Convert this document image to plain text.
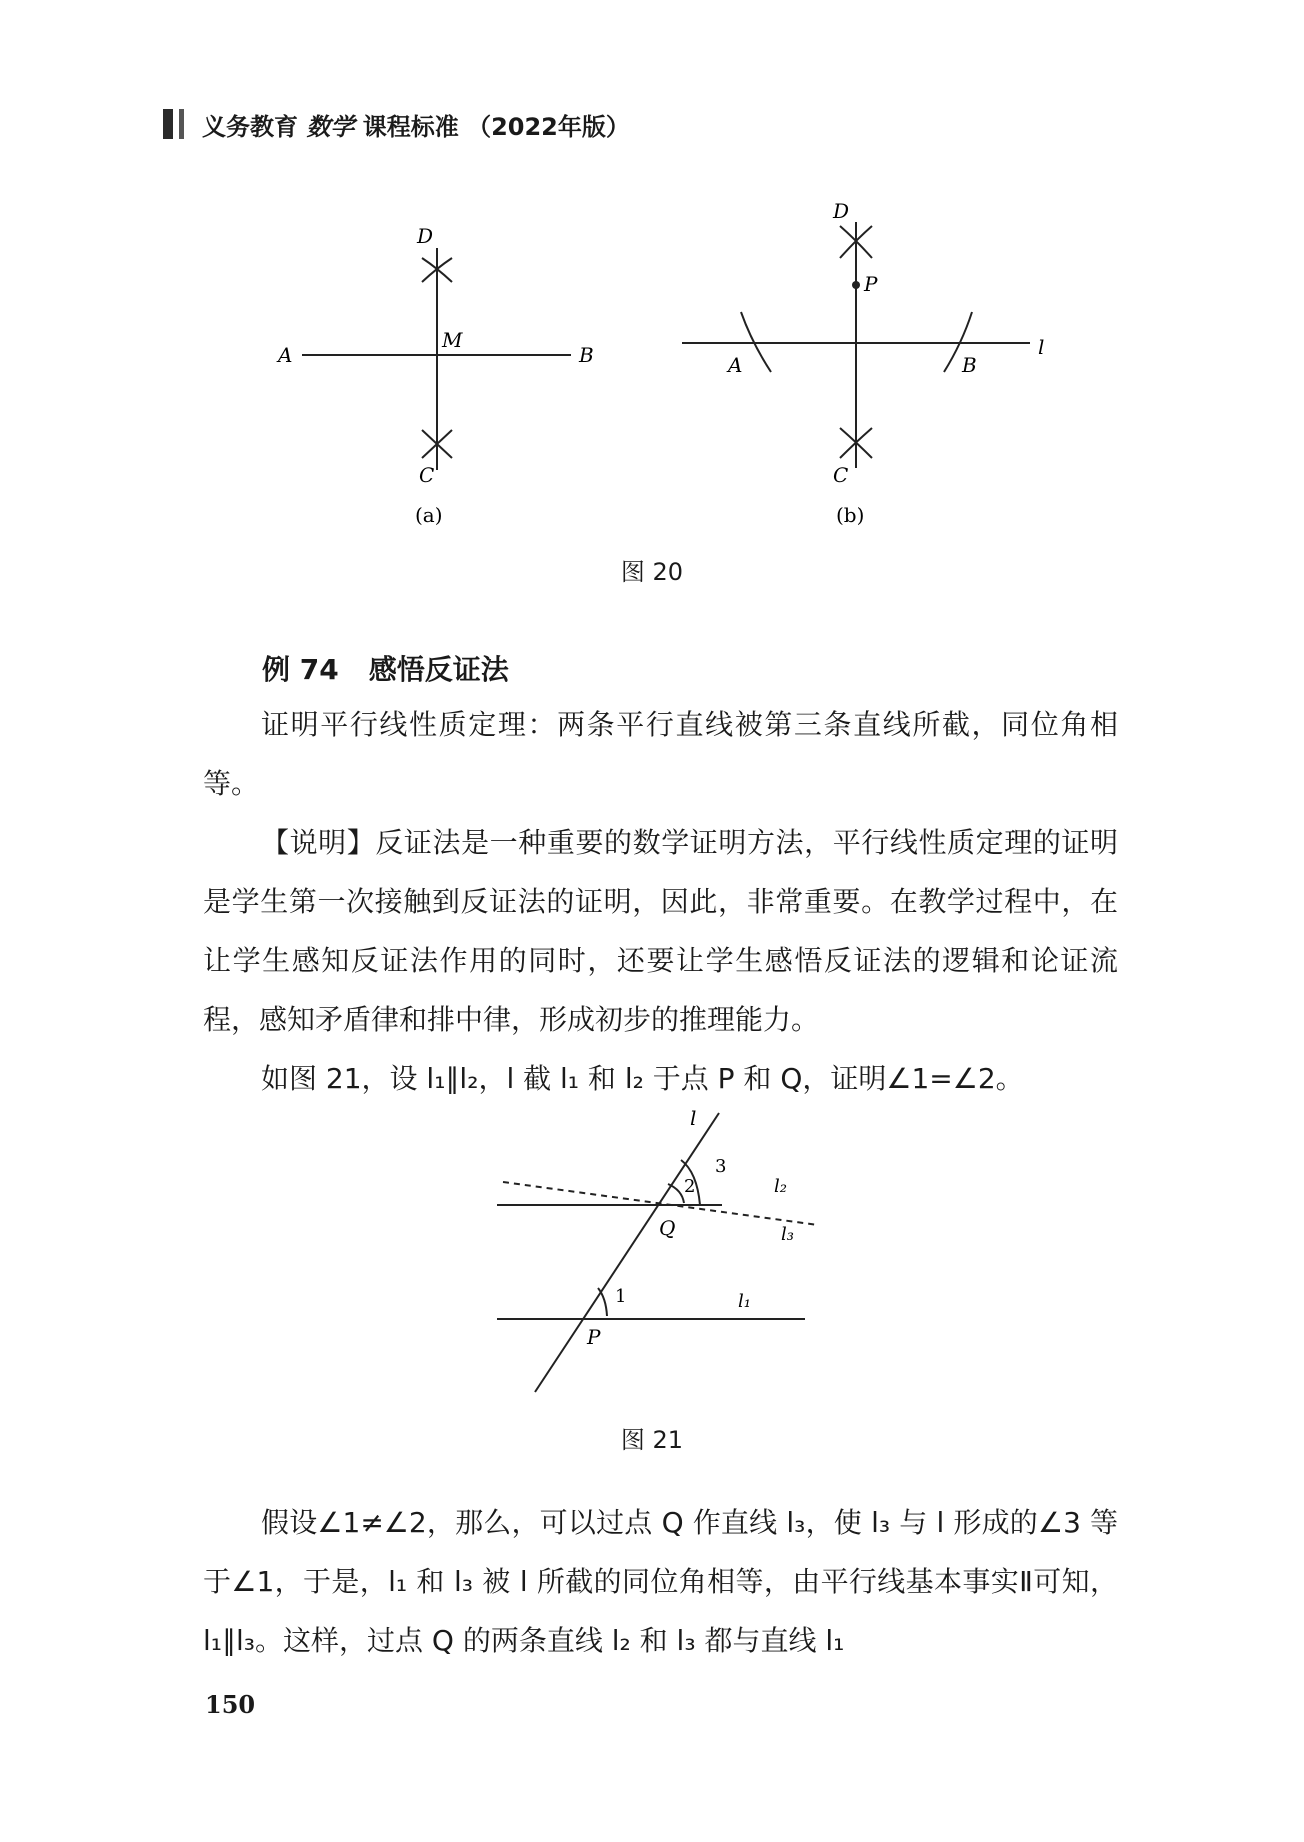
义务教育 数学 课程标准 （2022年版）
D
M
A	B
C
(a)
D
P
A	B
l
C
(b)
图 20
例 74 感悟反证法

证明平行线性质定理：两条平行直线被第三条直线所截，同位角相等。

【说明】反证法是一种重要的数学证明方法，平行线性质定理的证明是学生第一次接触到反证法的证明，因此，非常重要。在教学过程中，在让学生感知反证法作用的同时，还要让学生感悟反证法的逻辑和论证流程，感知矛盾律和排中律，形成初步的推理能力。

如图 21，设 l₁∥l₂，l 截 l₁ 和 l₂ 于点 P 和 Q，证明∠1=∠2。

l
2
3
l₂
Q	l₃
1	l₁
P
图 21

假设∠1≠∠2，那么，可以过点 Q 作直线 l₃，使 l₃ 与 l 形成的∠3 等于∠1，于是，l₁ 和 l₃ 被 l 所截的同位角相等，由平行线基本事实Ⅱ可知，l₁∥l₃。这样，过点 Q 的两条直线 l₂ 和 l₃ 都与直线 l₁

150
